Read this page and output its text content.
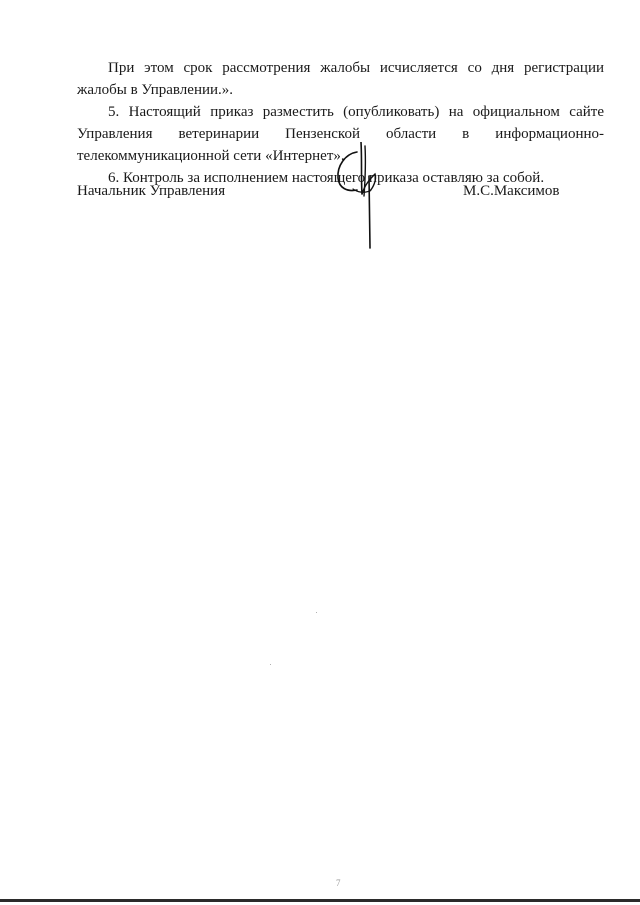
При этом срок рассмотрения жалобы исчисляется со дня регистрации жалобы в Управлении.».

5. Настоящий приказ разместить (опубликовать) на официальном сайте Управления ветеринарии Пензенской области в информационно-телекоммуникационной сети «Интернет».

6. Контроль за исполнением настоящего приказа оставляю за собой.

Начальник Управления	М.С.Максимов
7
